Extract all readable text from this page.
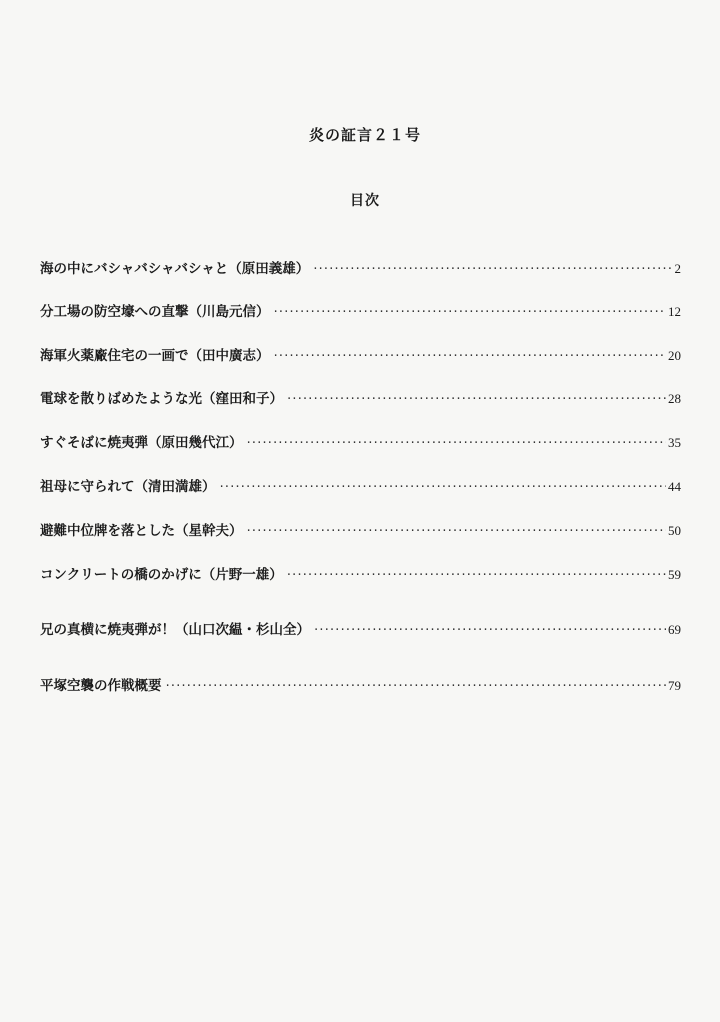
炎の証言２１号
目次
海の中にバシャバシャバシャと（原田義雄） ·····	2
分工場の防空壕への直撃（川島元信） ·····	12
海軍火薬廠住宅の一画で（田中廣志） ·····	20
電球を散りばめたような光（窪田和子） ·····	28
すぐそばに焼夷弾（原田幾代江） ·····	35
祖母に守られて（清田満雄） ·····	44
避難中位牌を落とした（星幹夫） ·····	50
コンクリートの橋のかげに（片野一雄） ·····	59
兄の真横に焼夷弾が！（山口次緼・杉山全） ·····	69
平塚空襲の作戦概要 ·····	79
